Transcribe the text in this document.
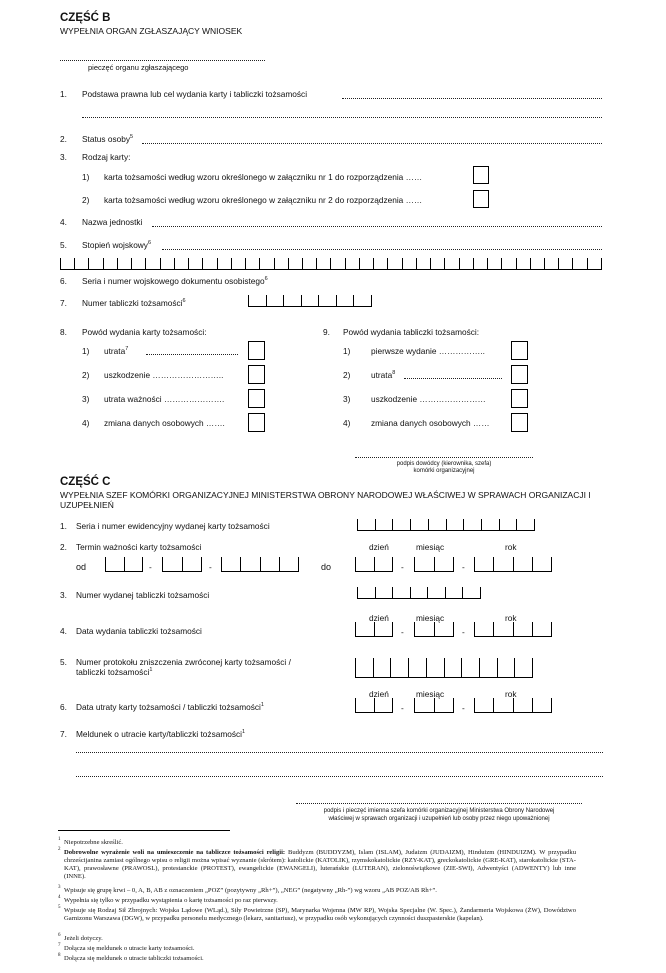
CZĘŚĆ B
WYPEŁNIA ORGAN ZGŁASZAJĄCY WNIOSEK
pieczęć organu zgłaszającego
1. Podstawa prawna lub cel wydania karty i tabliczki tożsamości
2. Status osoby$^5$
3. Rodzaj karty:
1) karta tożsamości według wzoru określonego w załączniku nr 1 do rozporządzenia ……
2) karta tożsamości według wzoru określonego w załączniku nr 2 do rozporządzenia ……
4. Nazwa jednostki
5. Stopień wojskowy$^6$
6. Seria i numer wojskowego dokumentu osobistego$^6$
7. Numer tabliczki tożsamości$^6$
8. Powód wydania karty tożsamości:
1) utrata$^7$
2) uszkodzenie ……………………..
3) utrata ważności ………………….
4) zmiana danych osobowych …….
9. Powód wydania tabliczki tożsamości:
1) pierwsze wydanie ……………..
2) utrata$^8$
3) uszkodzenie ……………………
4) zmiana danych osobowych ……
podpis dowódcy (kierownika, szefa)
komórki organizacyjnej
CZĘŚĆ C
WYPEŁNIA SZEF KOMÓRKI ORGANIZACYJNEJ MINISTERSTWA OBRONY NARODOWEJ WŁAŚCIWEJ W SPRAWACH ORGANIZACJI I UZUPEŁNIEŃ
1. Seria i numer ewidencyjny wydanej karty tożsamości
2. Termin ważności karty tożsamości	dzień	miesiąc	rok
od	-	-	do	-	-
3. Numer wydanej tabliczki tożsamości
dzień	miesiąc	rok
4. Data wydania tabliczki tożsamości	-	-
5. Numer protokołu zniszczenia zwróconej karty tożsamości /
tabliczki tożsamości$^1$
dzień	miesiąc	rok
6. Data utraty karty tożsamości / tabliczki tożsamości$^1$	-	-
7. Meldunek o utracie karty/tabliczki tożsamości$^1$
podpis i pieczęć imienna szefa komórki organizacyjnej Ministerstwa Obrony Narodowej
właściwej w sprawach organizacji i uzupełnień lub osoby przez niego upoważnionej
1 Niepotrzebne skreślić.
2 Dobrowolne wyrażenie woli na umieszczenie na tabliczce tożsamości religii: Buddyzm (BUDDYZM), Islam (ISLAM), Judaizm (JUDAIZM), Hinduizm (HINDUIZM). W przypadku chrześcijanina zamiast ogólnego wpisu o religii można wpisać wyznanie (skrótem): katolickie (KATOLIK), rzymskokatolickie (RZY-KAT), greckokatolickie (GRE-KAT), starokatolickie (STA-KAT), prawosławne (PRAWOSL), protestanckie (PROTEST), ewangelickie (EWANGELI), luterańskie (LUTERAN), zielonoświątkowe (ZIE-SWI), Adwentyści (ADWENTY) lub inne (INNE).
3 Wpisuje się grupę krwi – 0, A, B, AB z oznaczeniem „POZ” (pozytywny „Rh+”), „NEG” (negatywny „Rh-”) wg wzoru „AB POZ/AB Rh+”.
4 Wypełnia się tylko w przypadku wystąpienia o kartę tożsamości po raz pierwszy.
5 Wpisuje się Rodzaj Sił Zbrojnych: Wojska Lądowe (WLąd.), Siły Powietrzne (SP), Marynarka Wojenna (MW RP), Wojska Specjalne (W. Spec.), Żandarmeria Wojskowa (ŻW), Dowództwo Garnizonu Warszawa (DGW), w przypadku personelu medycznego (lekarz, sanitariusz), w przypadku osób wykonujących czynności duszpasterskie (kapelan).
6 Jeżeli dotyczy.
7 Dołącza się meldunek o utracie karty tożsamości.
8 Dołącza się meldunek o utracie tabliczki tożsamości.
